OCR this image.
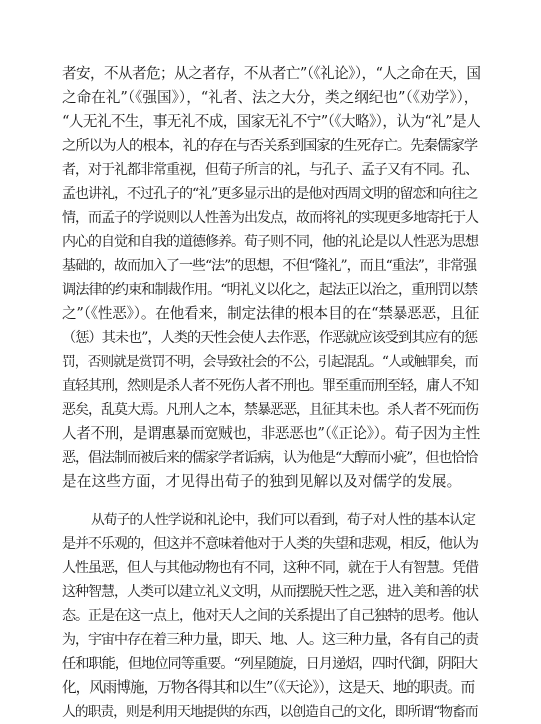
者安，不从者危；从之者存，不从者亡”（《礼论》），“人之命在天，国
之命在礼”（《强国》），“礼者、法之大分，类之纲纪也”（《劝学》），
“人无礼不生，事无礼不成，国家无礼不宁”（《大略》），认为“礼”是人
之所以为人的根本，礼的存在与否关系到国家的生死存亡。先秦儒家学
者，对于礼都非常重视，但荀子所言的礼，与孔子、孟子又有不同。孔、
孟也讲礼，不过孔子的“礼”更多显示出的是他对西周文明的留恋和向往之
情，而孟子的学说则以人性善为出发点，故而将礼的实现更多地寄托于人
内心的自觉和自我的道德修养。荀子则不同，他的礼论是以人性恶为思想
基础的，故而加入了一些“法”的思想，不但“隆礼”，而且“重法”，非常强
调法律的约束和制裁作用。“明礼义以化之，起法正以治之，重刑罚以禁
之”（《性恶》）。在他看来，制定法律的根本目的在“禁暴恶恶，且征
（惩）其未也”，人类的天性会使人去作恶，作恶就应该受到其应有的惩
罚，否则就是赏罚不明，会导致社会的不公，引起混乱。“人或触罪矣，而
直轻其刑，然则是杀人者不死伤人者不刑也。罪至重而刑至轻，庸人不知
恶矣，乱莫大焉。凡刑人之本，禁暴恶恶，且征其未也。杀人者不死而伤
人者不刑，是谓惠暴而宽贼也，非恶恶也”（《正论》）。荀子因为主性
恶，倡法制而被后来的儒家学者诟病，认为他是“大醇而小疵”，但也恰恰
是在这些方面，才见得出荀子的独到见解以及对儒学的发展。
从荀子的人性学说和礼论中，我们可以看到，荀子对人性的基本认定
是并不乐观的，但这并不意味着他对于人类的失望和悲观，相反，他认为
人性虽恶，但人与其他动物也有不同，这种不同，就在于人有智慧。凭借
这种智慧，人类可以建立礼义文明，从而摆脱天性之恶，进入美和善的状
态。正是在这一点上，他对天人之间的关系提出了自己独特的思考。他认
为，宇宙中存在着三种力量，即天、地、人。这三种力量，各有自己的责
任和职能，但地位同等重要。“列星随旋，日月递炤，四时代御，阴阳大
化，风雨博施，万物各得其和以生”（《天论》），这是天、地的职责。而
人的职责，则是利用天地提供的东西，以创造自己的文化，即所谓“物畜而
